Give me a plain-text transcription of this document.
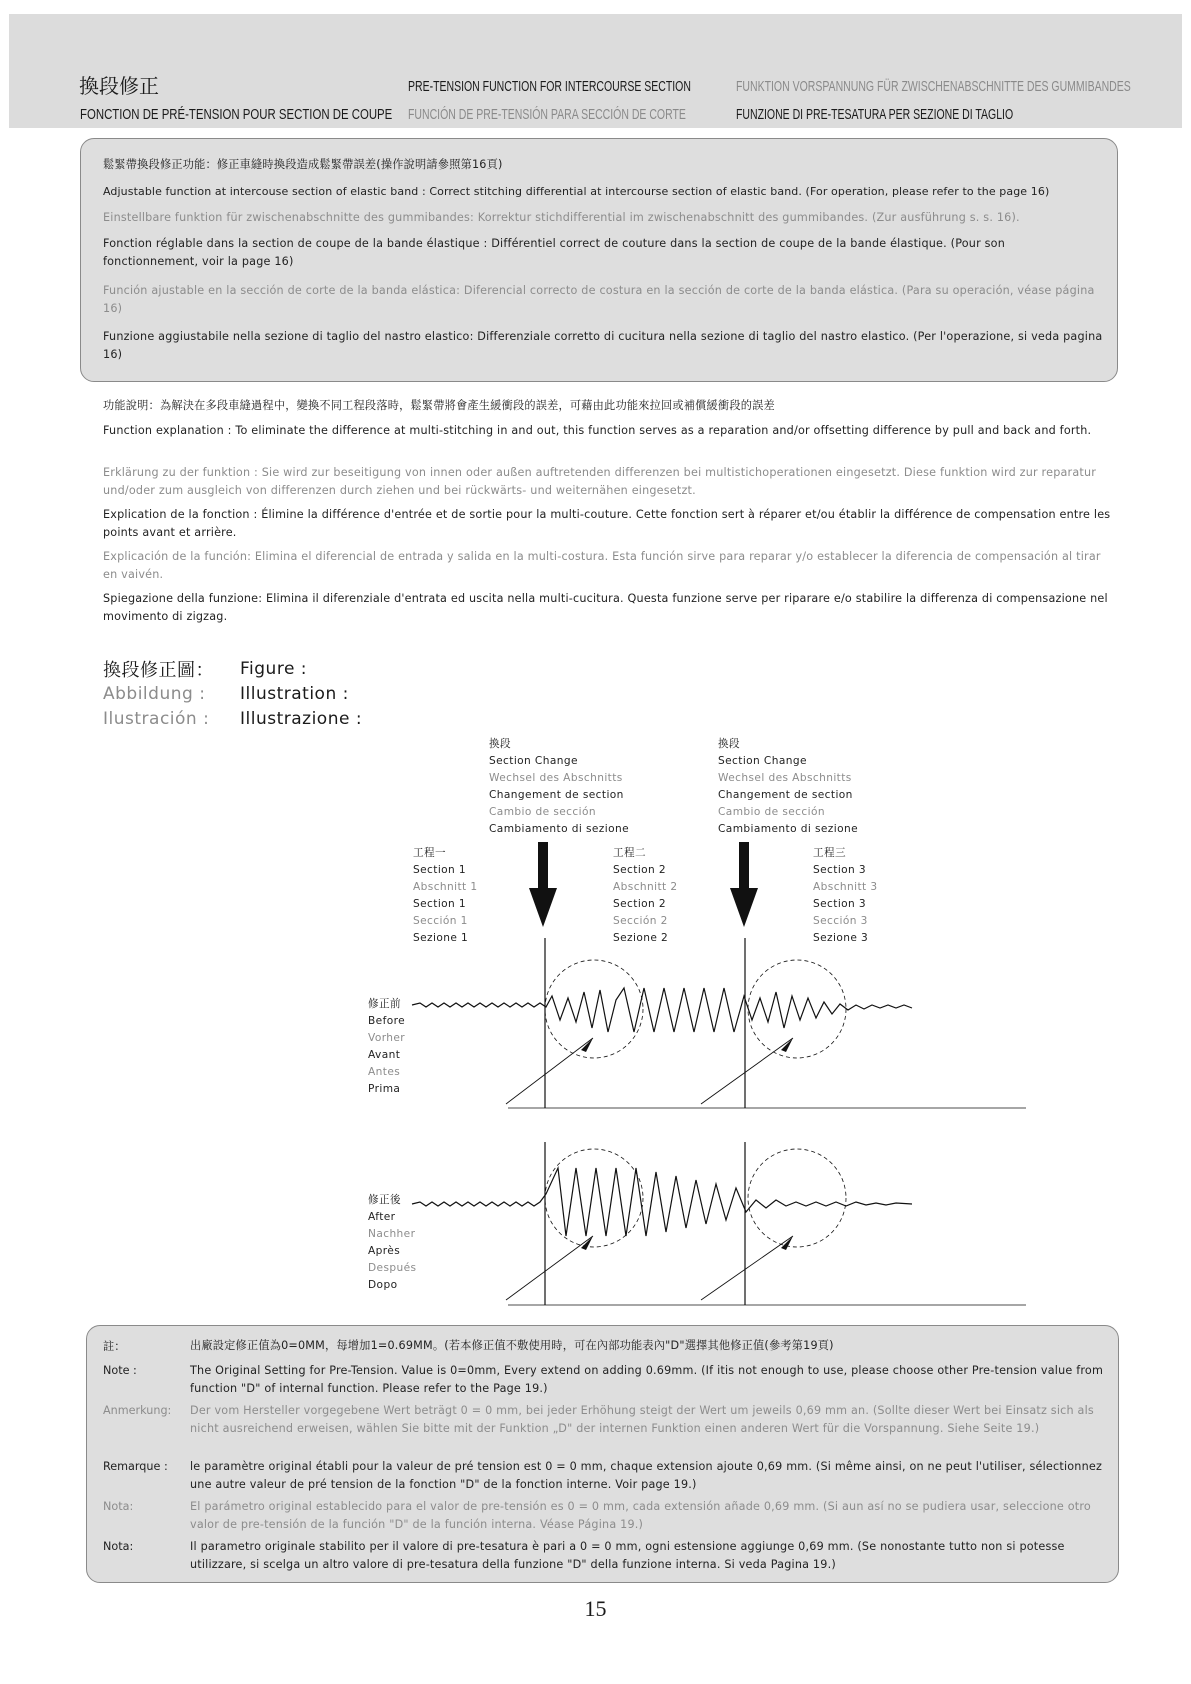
換段修正
FONCTION DE PRÉ-TENSION POUR SECTION DE COUPE
PRE-TENSION FUNCTION FOR INTERCOURSE SECTION
FUNCIÓN DE PRE-TENSIÓN PARA SECCIÓN DE CORTE
FUNKTION VORSPANNUNG FÜR ZWISCHENABSCHNITTE DES GUMMIBANDES
FUNZIONE DI PRE-TESATURA PER SEZIONE DI TAGLIO
鬆緊帶換段修正功能：修正車縫時換段造成鬆緊帶誤差(操作說明請參照第16頁)
Adjustable function at intercouse section of elastic band : Correct stitching differential at intercourse section of elastic band. (For operation, please refer to the page 16)
Einstellbare funktion für zwischenabschnitte des gummibandes: Korrektur stichdifferential im zwischenabschnitt des gummibandes. (Zur ausführung s. s. 16).
Fonction réglable dans la section de coupe de la bande élastique : Différentiel correct de couture dans la section de coupe de la bande élastique. (Pour son fonctionnement, voir la page 16)
Función ajustable en la sección de corte de la banda elástica: Diferencial correcto de costura en la sección de corte de la banda elástica. (Para su operación, véase página 16)
Funzione aggiustabile nella sezione di taglio del nastro elastico: Differenziale corretto di cucitura nella sezione di taglio del nastro elastico. (Per l'operazione, si veda pagina 16)
功能說明：為解決在多段車縫過程中，變換不同工程段落時，鬆緊帶將會產生緩衝段的誤差，可藉由此功能來拉回或補償緩衝段的誤差
Function explanation : To eliminate the difference at multi-stitching in and out, this function serves as a reparation and/or offsetting difference by pull and back and forth.
Erklärung zu der funktion : Sie wird zur beseitigung von innen oder außen auftretenden differenzen bei multistichoperationen eingesetzt. Diese funktion wird zur reparatur und/oder zum ausgleich von differenzen durch ziehen und bei rückwärts- und weiternähen eingesetzt.
Explication de la fonction : Élimine la différence d'entrée et de sortie pour la multi-couture. Cette fonction sert à réparer et/ou établir la différence de compensation entre les points avant et arrière.
Explicación de la función: Elimina el diferencial de entrada y salida en la multi-costura. Esta función sirve para reparar y/o establecer la diferencia de compensación al tirar en vaivén.
Spiegazione della funzione: Elimina il diferenziale d'entrata ed uscita nella multi-cucitura. Questa funzione serve per riparare e/o stabilire la differenza di compensazione nel movimento di zigzag.
換段修正圖： Figure :
Abbildung : Illustration :
Ilustración : Illustrazione :
換段
Section Change
Wechsel des Abschnitts
Changement de section
Cambio de sección
Cambiamento di sezione
換段
Section Change
Wechsel des Abschnitts
Changement de section
Cambio de sección
Cambiamento di sezione
工程一
Section 1
Abschnitt 1
Section 1
Sección 1
Sezione 1
工程二
Section 2
Abschnitt 2
Section 2
Sección 2
Sezione 2
工程三
Section 3
Abschnitt 3
Section 3
Sección 3
Sezione 3
修正前
Before
Vorher
Avant
Antes
Prima
修正後
After
Nachher
Après
Después
Dopo
註：	出廠設定修正值為0=0MM，每增加1=0.69MM。(若本修正值不敷使用時，可在內部功能表內"D"選擇其他修正值(參考第19頁)
Note :	The Original Setting for Pre-Tension. Value is 0=0mm, Every extend on adding 0.69mm. (If itis not enough to use, please choose other Pre-tension value from function "D" of internal function. Please refer to the Page 19.)
Anmerkung: Der vom Hersteller vorgegebene Wert beträgt 0 = 0 mm, bei jeder Erhöhung steigt der Wert um jeweils 0,69 mm an. (Sollte dieser Wert bei Einsatz sich als nicht ausreichend erweisen, wählen Sie bitte mit der Funktion „D" der internen Funktion einen anderen Wert für die Vorspannung. Siehe Seite 19.)
Remarque : le paramètre original établi pour la valeur de pré tension est 0 = 0 mm, chaque extension ajoute 0,69 mm. (Si même ainsi, on ne peut l'utiliser, sélectionnez une autre valeur de pré tension de la fonction "D" de la fonction interne. Voir page 19.)
Nota:	El parámetro original establecido para el valor de pre-tensión es 0 = 0 mm, cada extensión añade 0,69 mm. (Si aun así no se pudiera usar, seleccione otro valor de pre-tensión de la función "D" de la función interna. Véase Página 19.)
Nota:	Il parametro originale stabilito per il valore di pre-tesatura è pari a 0 = 0 mm, ogni estensione aggiunge 0,69 mm. (Se nonostante tutto non si potesse utilizzare, si scelga un altro valore di pre-tesatura della funzione "D" della funzione interna. Si veda Pagina 19.)
15
